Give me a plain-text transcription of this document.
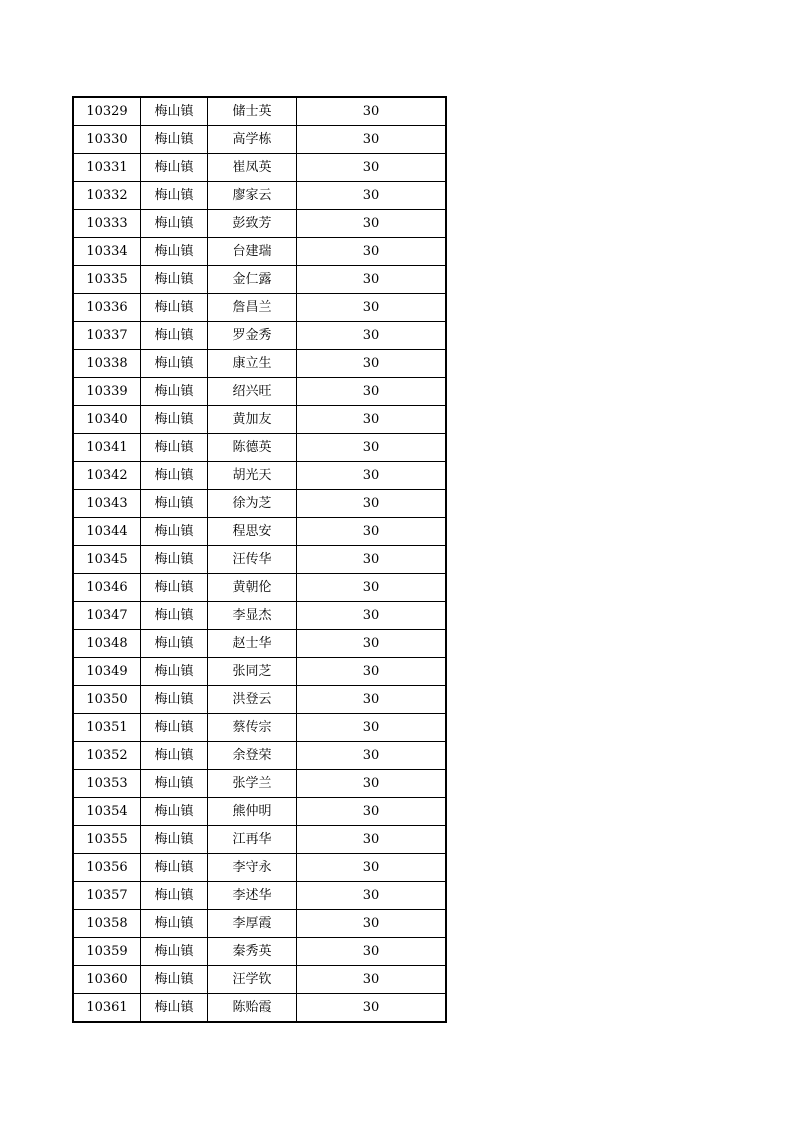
10329	梅山镇	储士英	30
10330	梅山镇	高学栋	30
10331	梅山镇	崔凤英	30
10332	梅山镇	廖家云	30
10333	梅山镇	彭致芳	30
10334	梅山镇	台建瑞	30
10335	梅山镇	金仁露	30
10336	梅山镇	詹昌兰	30
10337	梅山镇	罗金秀	30
10338	梅山镇	康立生	30
10339	梅山镇	绍兴旺	30
10340	梅山镇	黄加友	30
10341	梅山镇	陈德英	30
10342	梅山镇	胡光天	30
10343	梅山镇	徐为芝	30
10344	梅山镇	程思安	30
10345	梅山镇	汪传华	30
10346	梅山镇	黄朝伦	30
10347	梅山镇	李显杰	30
10348	梅山镇	赵士华	30
10349	梅山镇	张同芝	30
10350	梅山镇	洪登云	30
10351	梅山镇	蔡传宗	30
10352	梅山镇	余登荣	30
10353	梅山镇	张学兰	30
10354	梅山镇	熊仲明	30
10355	梅山镇	江再华	30
10356	梅山镇	李守永	30
10357	梅山镇	李述华	30
10358	梅山镇	李厚霞	30
10359	梅山镇	秦秀英	30
10360	梅山镇	汪学钦	30
10361	梅山镇	陈贻霞	30
